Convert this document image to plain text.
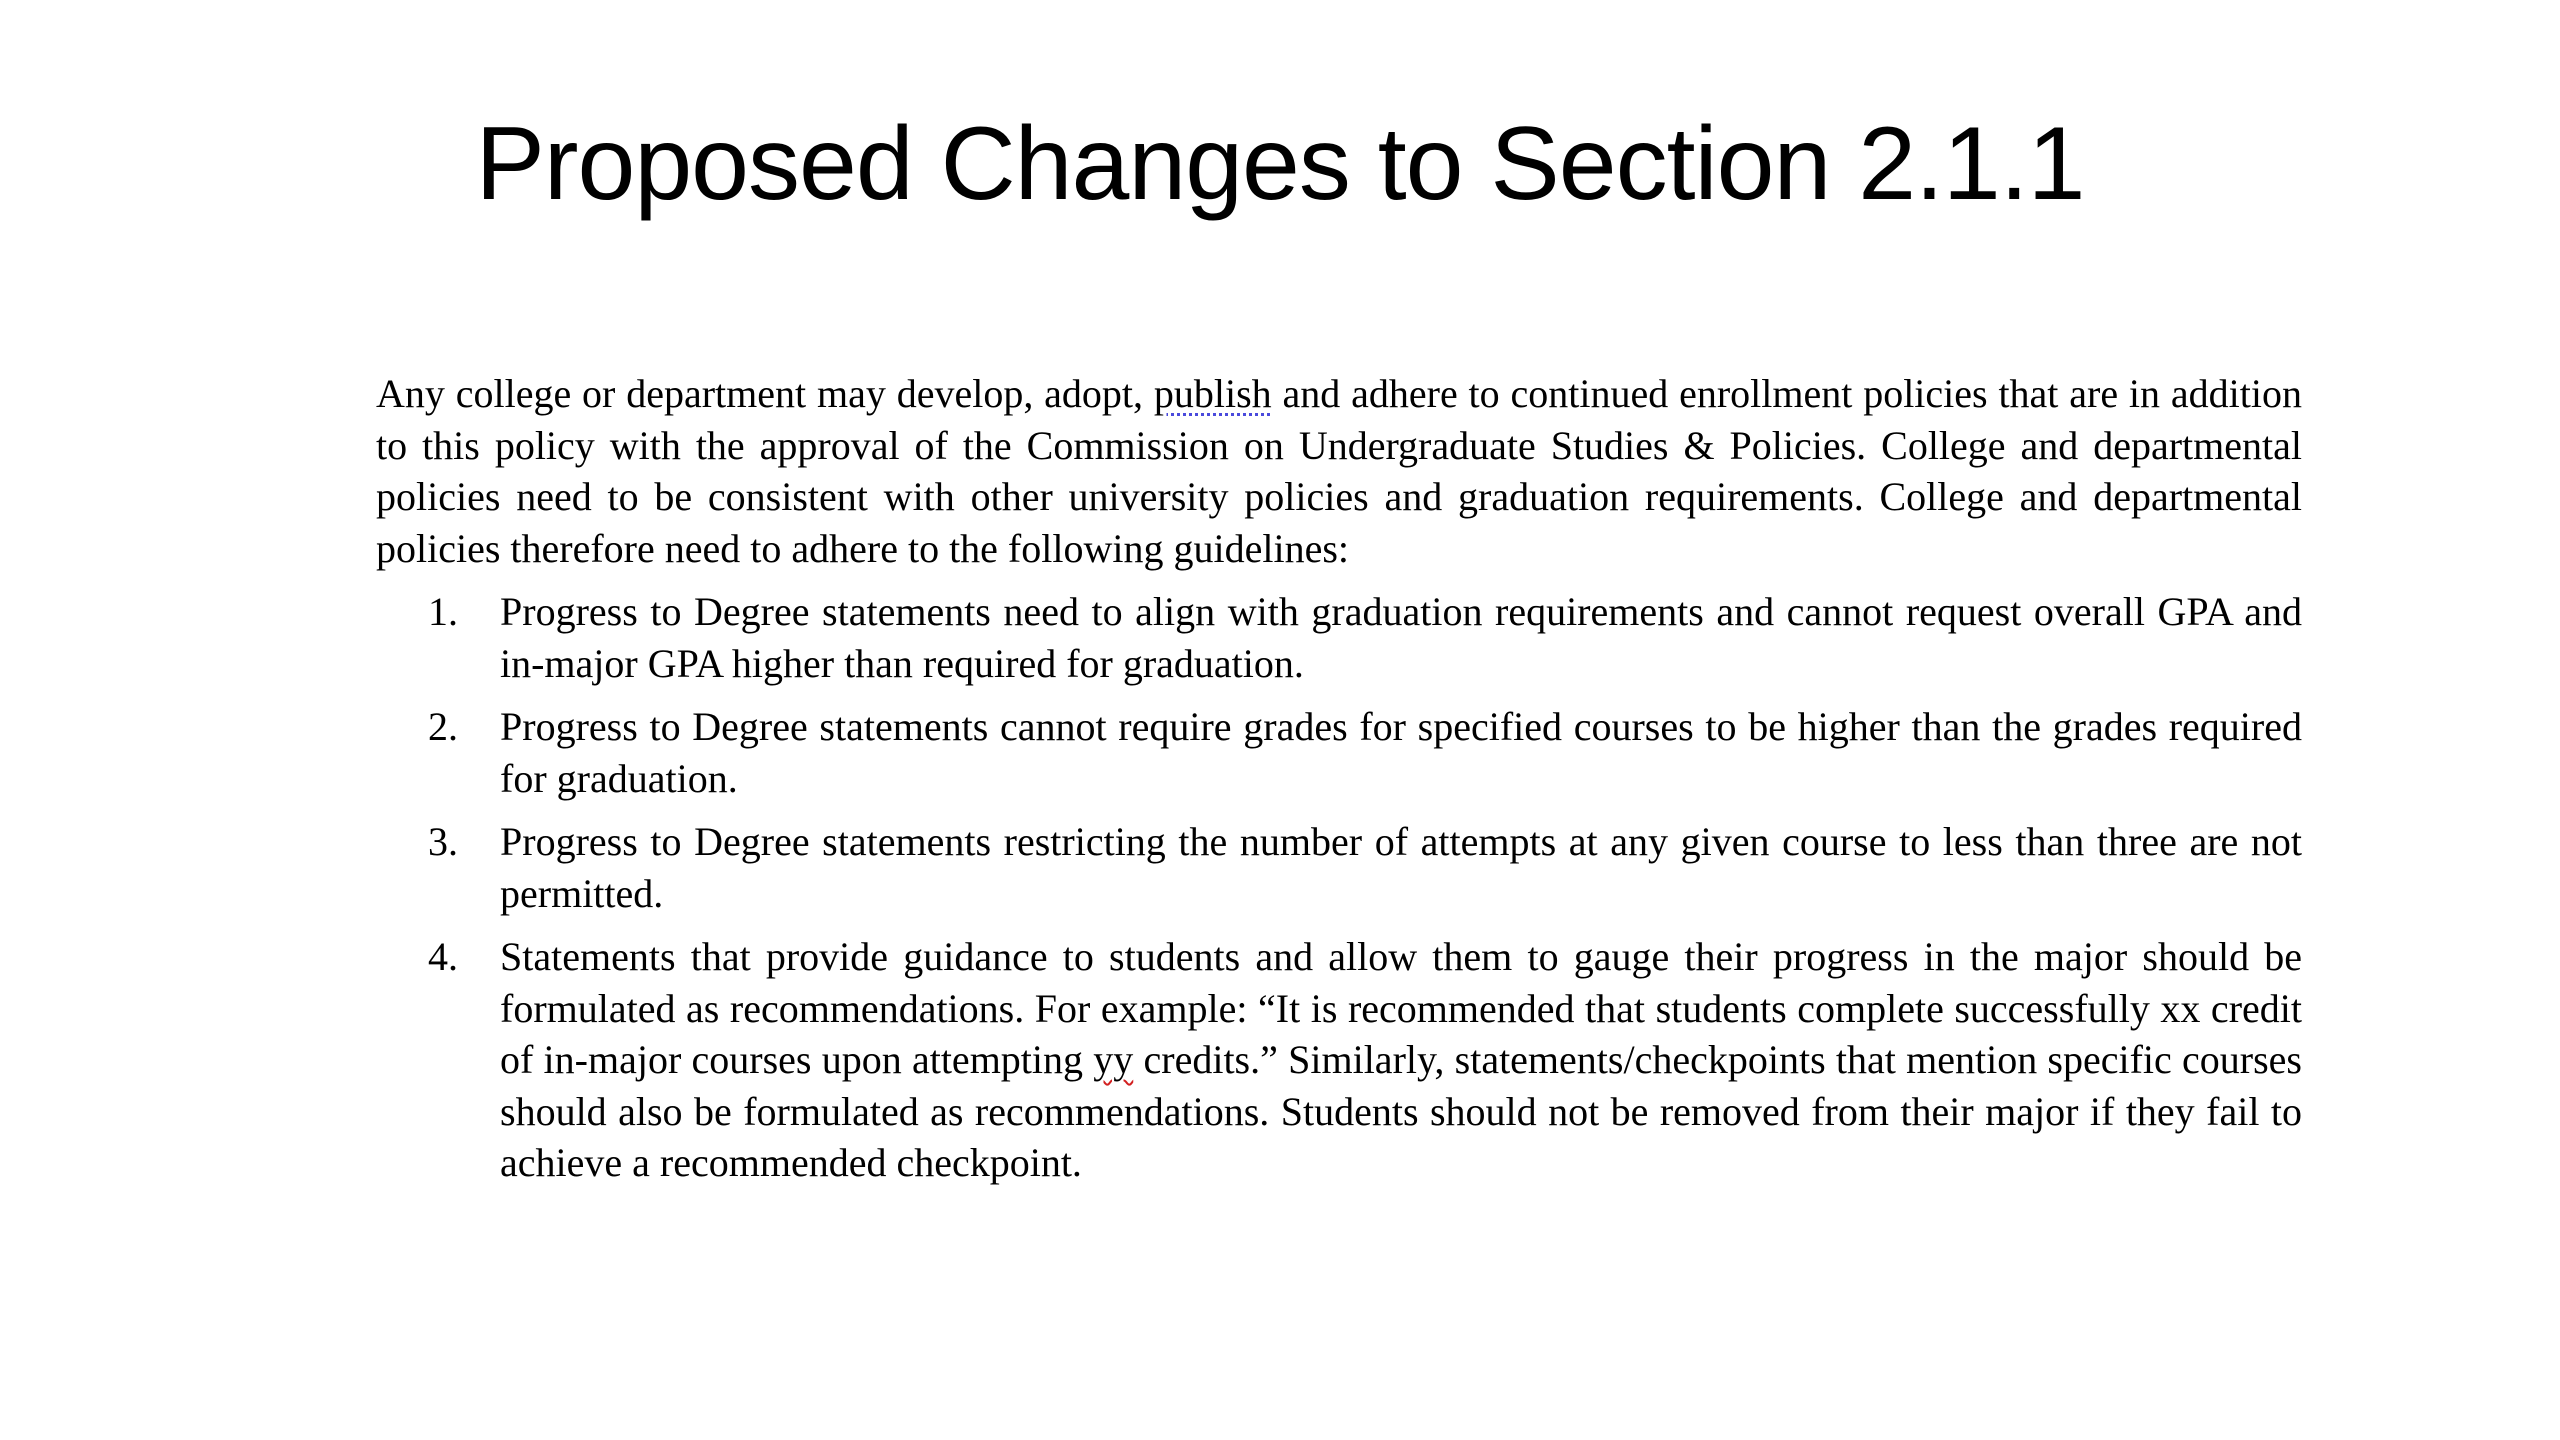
Proposed Changes to Section 2.1.1

Any college or department may develop, adopt, publish and adhere to continued enrollment policies that are in addition to this policy with the approval of the Commission on Undergraduate Studies & Policies. College and departmental policies need to be consistent with other university policies and graduation requirements. College and departmental policies therefore need to adhere to the following guidelines:

1. Progress to Degree statements need to align with graduation requirements and cannot request overall GPA and in-major GPA higher than required for graduation.
2. Progress to Degree statements cannot require grades for specified courses to be higher than the grades required for graduation.
3. Progress to Degree statements restricting the number of attempts at any given course to less than three are not permitted.
4. Statements that provide guidance to students and allow them to gauge their progress in the major should be formulated as recommendations. For example: “It is recommended that students complete successfully xx credit of in-major courses upon attempting yy credits.” Similarly, statements/checkpoints that mention specific courses should also be formulated as recommendations. Students should not be removed from their major if they fail to achieve a recommended checkpoint.
